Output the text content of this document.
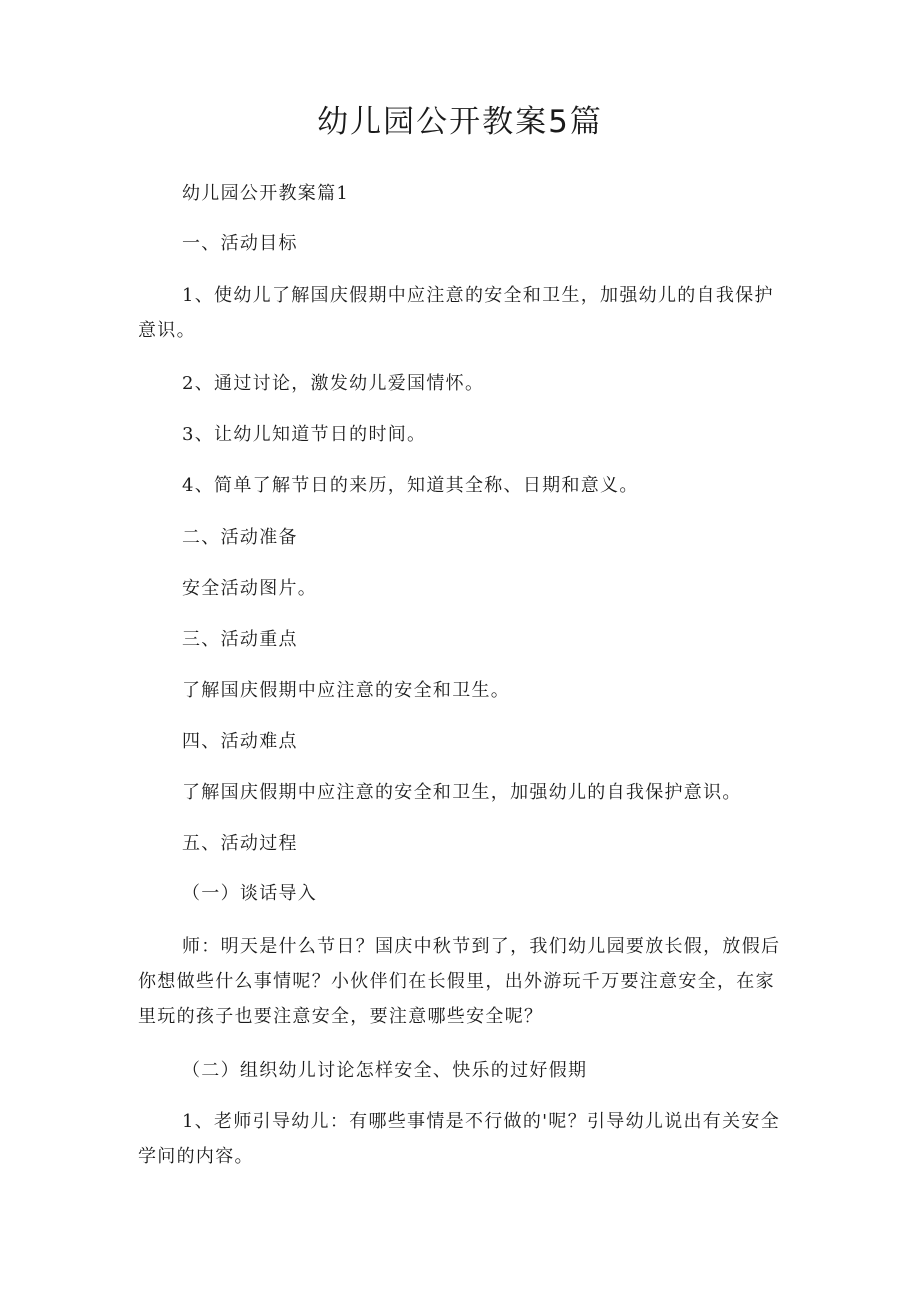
幼儿园公开教案5篇

幼儿园公开教案篇1

一、活动目标

1、使幼儿了解国庆假期中应注意的安全和卫生，加强幼儿的自我保护意识。

2、通过讨论，激发幼儿爱国情怀。

3、让幼儿知道节日的时间。

4、简单了解节日的来历，知道其全称、日期和意义。

二、活动准备

安全活动图片。

三、活动重点

了解国庆假期中应注意的安全和卫生。

四、活动难点

了解国庆假期中应注意的安全和卫生，加强幼儿的自我保护意识。

五、活动过程

（一）谈话导入

师：明天是什么节日？国庆中秋节到了，我们幼儿园要放长假，放假后你想做些什么事情呢？小伙伴们在长假里，出外游玩千万要注意安全，在家里玩的孩子也要注意安全，要注意哪些安全呢？

（二）组织幼儿讨论怎样安全、快乐的过好假期

1、老师引导幼儿：有哪些事情是不行做的'呢？引导幼儿说出有关安全学问的内容。
